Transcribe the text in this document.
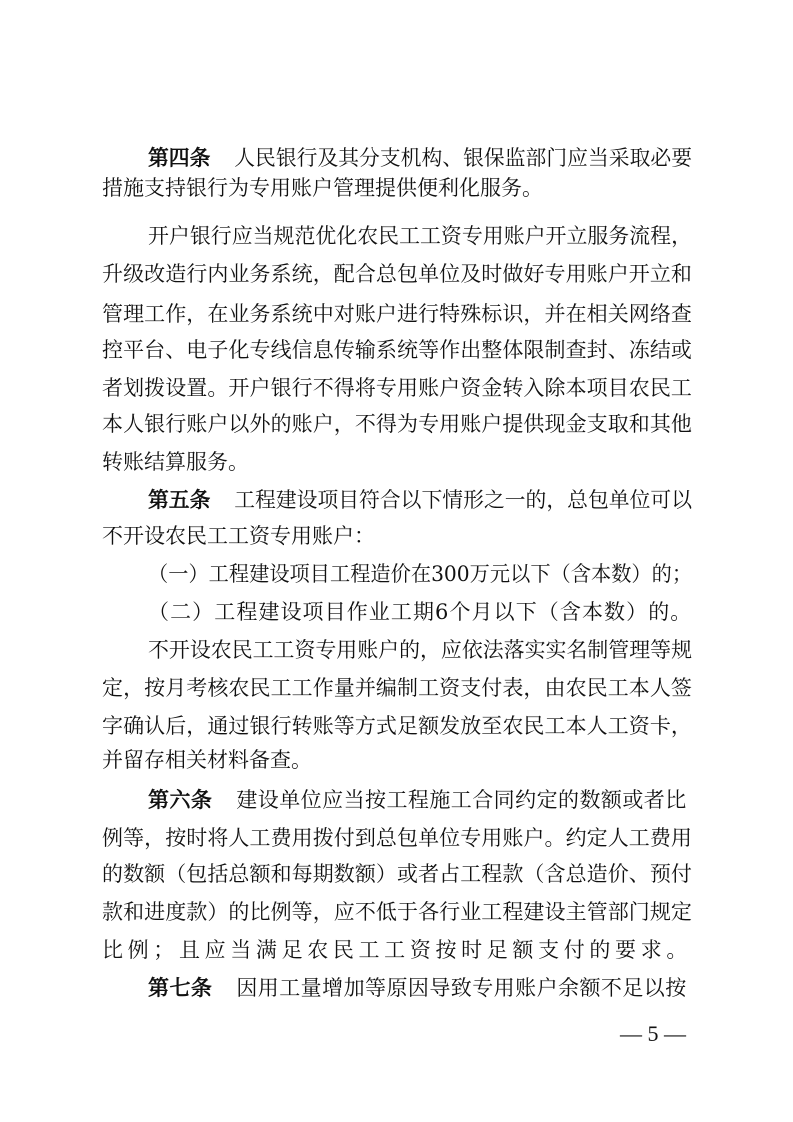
第四条 人民银行及其分支机构、银保监部门应当采取必要
措施支持银行为专用账户管理提供便利化服务。
开户银行应当规范优化农民工工资专用账户开立服务流程，
升级改造行内业务系统，配合总包单位及时做好专用账户开立和
管理工作，在业务系统中对账户进行特殊标识，并在相关网络查
控平台、电子化专线信息传输系统等作出整体限制查封、冻结或
者划拨设置。开户银行不得将专用账户资金转入除本项目农民工
本人银行账户以外的账户，不得为专用账户提供现金支取和其他
转账结算服务。
第五条 工程建设项目符合以下情形之一的，总包单位可以
不开设农民工工资专用账户：
（一）工程建设项目工程造价在300万元以下（含本数）的；
（二）工程建设项目作业工期6个月以下（含本数）的。
不开设农民工工资专用账户的，应依法落实实名制管理等规
定，按月考核农民工工作量并编制工资支付表，由农民工本人签
字确认后，通过银行转账等方式足额发放至农民工本人工资卡，
并留存相关材料备查。
第六条 建设单位应当按工程施工合同约定的数额或者比
例等，按时将人工费用拨付到总包单位专用账户。约定人工费用
的数额（包括总额和每期数额）或者占工程款（含总造价、预付
款和进度款）的比例等，应不低于各行业工程建设主管部门规定
比例；且应当满足农民工工资按时足额支付的要求。
第七条 因用工量增加等原因导致专用账户余额不足以按
— 5 —
